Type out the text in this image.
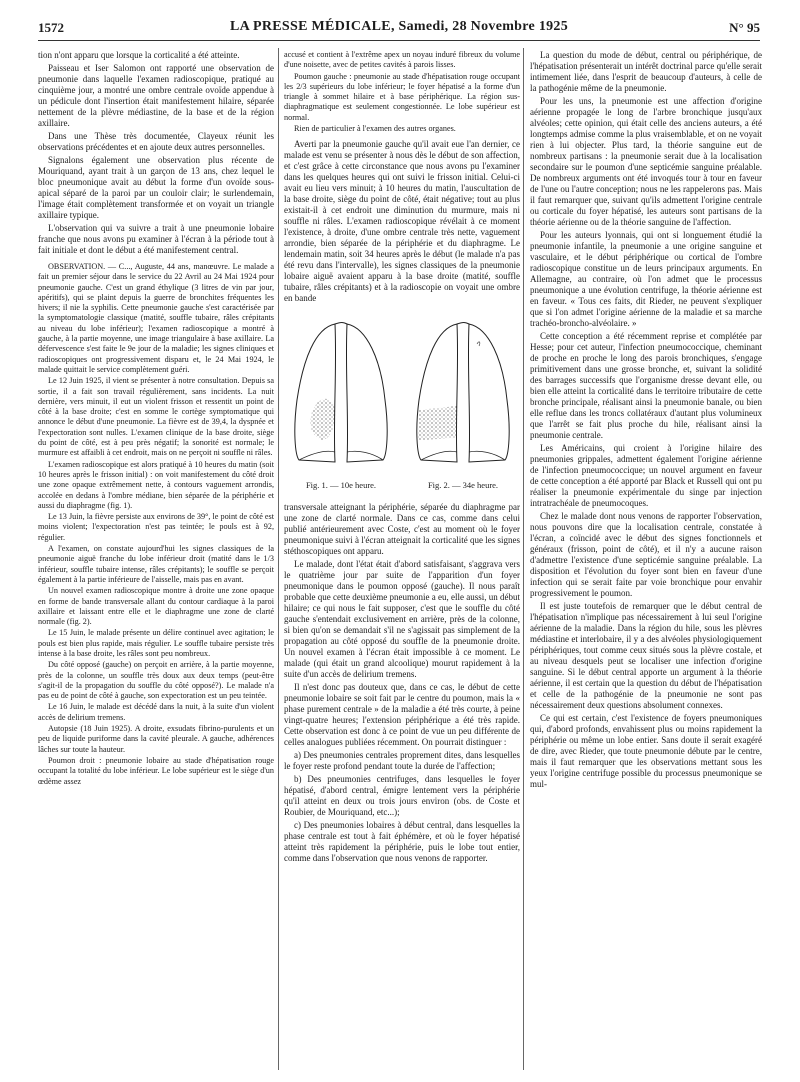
1572	LA PRESSE MÉDICALE, Samedi, 28 Novembre 1925	N° 95

tion n'ont apparu que lorsque la corticalité a été atteinte.

Paisseau et Iser Salomon ont rapporté une observation de pneumonie dans laquelle l'examen radioscopique, pratiqué au cinquième jour, a montré une ombre centrale ovoïde appendue à un pédicule dont l'insertion était manifestement hilaire, séparée nettement de la plèvre médiastine, de la base et de la région axillaire.

Dans une Thèse très documentée, Clayeux réunit les observations précédentes et en ajoute deux autres personnelles.

Signalons également une observation plus récente de Mouriquand, ayant trait à un garçon de 13 ans, chez lequel le bloc pneumonique avait au début la forme d'un ovoïde sous-apical séparé de la paroi par un couloir clair; le surlendemain, l'image était complètement transformée et on voyait un triangle axillaire typique.

L'observation qui va suivre a trait à une pneumonie lobaire franche que nous avons pu examiner à l'écran à la période tout à fait initiale et dont le début a été manifestement central.

OBSERVATION. — C..., Auguste, 44 ans, manœuvre. Le malade a fait un premier séjour dans le service du 22 Avril au 24 Mai 1924 pour pneumonie gauche. C'est un grand éthylique (3 litres de vin par jour, apéritifs), qui se plaint depuis la guerre de bronchites fréquentes les hivers; il nie la syphilis. Cette pneumonie gauche s'est caractérisée par la symptomatologie classique (matité, souffle tubaire, râles crépitants au niveau du lobe inférieur); l'examen radioscopique a montré à gauche, à la partie moyenne, une image triangulaire à base axillaire. La défervescence s'est faite le 9e jour de la maladie; les signes cliniques et radioscopiques ont progressivement disparu et, le 24 Mai 1924, le malade quittait le service complètement guéri.

Le 12 Juin 1925, il vient se présenter à notre consultation. Depuis sa sortie, il a fait son travail régulièrement, sans incidents. La nuit dernière, vers minuit, il eut un violent frisson et ressentit un point de côté à la base droite; c'est en somme le cortège symptomatique qui annonce le début d'une pneumonie. La fièvre est de 39,4, la dyspnée et l'expectoration sont nulles. L'examen clinique de la base droite, siège du point de côté, est à peu près négatif; la sonorité est normale; le murmure est affaibli à cet endroit, mais on ne perçoit ni souffle ni râles.

L'examen radioscopique est alors pratiqué à 10 heures du matin (soit 10 heures après le frisson initial) : on voit manifestement du côté droit une zone opaque extrêmement nette, à contours vaguement arrondis, accolée en dedans à l'ombre médiane, bien séparée de la périphérie et aussi du diaphragme (fig. 1).

Le 13 Juin, la fièvre persiste aux environs de 39°, le point de côté est moins violent; l'expectoration n'est pas teintée; le pouls est à 92, régulier.

A l'examen, on constate aujourd'hui les signes classiques de la pneumonie aiguë franche du lobe inférieur droit (matité dans le 1/3 inférieur, souffle tubaire intense, râles crépitants); le souffle se perçoit également à la partie inférieure de l'aisselle, mais pas en avant.

Un nouvel examen radioscopique montre à droite une zone opaque en forme de bande transversale allant du contour cardiaque à la paroi axillaire et laissant entre elle et le diaphragme une zone de clarté normale (fig. 2).

Le 15 Juin, le malade présente un délire continuel avec agitation; le pouls est bien plus rapide, mais régulier. Le souffle tubaire persiste très intense à la base droite, les râles sont peu nombreux.

Du côté opposé (gauche) on perçoit en arrière, à la partie moyenne, près de la colonne, un souffle très doux aux deux temps (peut-être s'agit-il de la propagation du souffle du côté opposé?). Le malade n'a pas eu de point de côté à gauche, son expectoration est un peu teintée.

Le 16 Juin, le malade est décédé dans la nuit, à la suite d'un violent accès de delirium tremens.

Autopsie (18 Juin 1925). A droite, exsudats fibrino-purulents et un peu de liquide puriforme dans la cavité pleurale. A gauche, adhérences lâches sur toute la hauteur.

Poumon droit : pneumonie lobaire au stade d'hépatisation rouge occupant la totalité du lobe inférieur. Le lobe supérieur est le siège d'un œdème assez

accusé et contient à l'extrême apex un noyau induré fibreux du volume d'une noisette, avec de petites cavités à parois lisses.

Poumon gauche : pneumonie au stade d'hépatisation rouge occupant les 2/3 supérieurs du lobe inférieur; le foyer hépatisé a la forme d'un triangle à sommet hilaire et à base périphérique. La région sus-diaphragmatique est seulement congestionnée. Le lobe supérieur est normal.

Rien de particulier à l'examen des autres organes.

Averti par la pneumonie gauche qu'il avait eue l'an dernier, ce malade est venu se présenter à nous dès le début de son affection, et c'est grâce à cette circonstance que nous avons pu l'examiner dans les quelques heures qui ont suivi le frisson initial. Celui-ci avait eu lieu vers minuit; à 10 heures du matin, l'auscultation de la base droite, siège du point de côté, était négative; tout au plus existait-il à cet endroit une diminution du murmure, mais ni souffle ni râles. L'examen radioscopique révélait à ce moment l'existence, à droite, d'une ombre centrale très nette, vaguement arrondie, bien séparée de la périphérie et du diaphragme. Le lendemain matin, soit 34 heures après le début (le malade n'a pas été revu dans l'intervalle), les signes classiques de la pneumonie lobaire aiguë avaient apparu à la base droite (matité, souffle tubaire, râles crépitants) et à la radioscopie on voyait une ombre en bande

Fig. 1. — 10e heure.	Fig. 2. — 34e heure.

transversale atteignant la périphérie, séparée du diaphragme par une zone de clarté normale. Dans ce cas, comme dans celui publié antérieurement avec Coste, c'est au moment où le foyer pneumonique suivi à l'écran atteignait la corticalité que les signes stéthoscopiques ont apparu.

Le malade, dont l'état était d'abord satisfaisant, s'aggrava vers le quatrième jour par suite de l'apparition d'un foyer pneumonique dans le poumon opposé (gauche). Il nous paraît probable que cette deuxième pneumonie a eu, elle aussi, un début hilaire; ce qui nous le fait supposer, c'est que le souffle du côté gauche s'entendait exclusivement en arrière, près de la colonne, si bien qu'on se demandait s'il ne s'agissait pas simplement de la propagation au côté opposé du souffle de la pneumonie droite. Un nouvel examen à l'écran était impossible à ce moment. Le malade (qui était un grand alcoolique) mourut rapidement à la suite d'un accès de delirium tremens.

Il n'est donc pas douteux que, dans ce cas, le début de cette pneumonie lobaire se soit fait par le centre du poumon, mais la « phase purement centrale » de la maladie a été très courte, à peine vingt-quatre heures; l'extension périphérique a été très rapide. Cette observation est donc à ce point de vue un peu différente de celles analogues publiées récemment. On pourrait distinguer :

a) Des pneumonies centrales proprement dites, dans lesquelles le foyer reste profond pendant toute la durée de l'affection;

b) Des pneumonies centrifuges, dans lesquelles le foyer hépatisé, d'abord central, émigre lentement vers la périphérie qu'il atteint en deux ou trois jours environ (obs. de Coste et Roubier, de Mouriquand, etc...);

c) Des pneumonies lobaires à début central, dans lesquelles la phase centrale est tout à fait éphémère, et où le foyer hépatisé atteint très rapidement la périphérie, puis le lobe tout entier, comme dans l'observation que nous venons de rapporter.

La question du mode de début, central ou périphérique, de l'hépatisation présenterait un intérêt doctrinal parce qu'elle serait intimement liée, dans l'esprit de beaucoup d'auteurs, à celle de la pathogénie même de la pneumonie.

Pour les uns, la pneumonie est une affection d'origine aérienne propagée le long de l'arbre bronchique jusqu'aux alvéoles; cette opinion, qui était celle des anciens auteurs, a été longtemps admise comme la plus vraisemblable, et on ne voyait rien à lui objecter. Plus tard, la théorie sanguine eut de nombreux partisans : la pneumonie serait due à la localisation secondaire sur le poumon d'une septicémie sanguine préalable. De nombreux arguments ont été invoqués tour à tour en faveur de l'une ou l'autre conception; nous ne les rappelerons pas. Mais il faut remarquer que, suivant qu'ils admettent l'origine centrale ou corticale du foyer hépatisé, les auteurs sont partisans de la théorie aérienne ou de la théorie sanguine de l'affection.

Pour les auteurs lyonnais, qui ont si longuement étudié la pneumonie infantile, la pneumonie a une origine sanguine et vasculaire, et le début périphérique ou cortical de l'ombre radioscopique constitue un de leurs principaux arguments. En Allemagne, au contraire, où l'on admet que le processus pneumonique a une évolution centrifuge, la théorie aérienne est en faveur. « Tous ces faits, dit Rieder, ne peuvent s'expliquer que si l'on admet l'origine aérienne de la maladie et sa marche trachéo-broncho-alvéolaire. »

Cette conception a été récemment reprise et complétée par Hesse; pour cet auteur, l'infection pneumococcique, cheminant de proche en proche le long des parois bronchiques, s'engage primitivement dans une grosse bronche, et, suivant la solidité des barrages successifs que l'organisme dresse devant elle, ou bien elle atteint la corticalité dans le territoire tributaire de cette bronche principale, réalisant ainsi la pneumonie banale, ou bien elle reflue dans les troncs collatéraux d'autant plus volumineux que l'arrêt se fait plus proche du hile, réalisant ainsi la pneumonie centrale.

Les Américains, qui croient à l'origine hilaire des pneumonies grippales, admettent également l'origine aérienne de l'infection pneumococcique; un nouvel argument en faveur de cette conception a été apporté par Black et Russell qui ont pu réaliser la pneumonie expérimentale du singe par injection intratrachéale de pneumocoques.

Chez le malade dont nous venons de rapporter l'observation, nous pouvons dire que la localisation centrale, constatée à l'écran, a coïncidé avec le début des signes fonctionnels et généraux (frisson, point de côté), et il n'y a aucune raison d'admettre l'existence d'une septicémie sanguine préalable. La disposition et l'évolution du foyer sont bien en faveur d'une infection qui se serait faite par voie bronchique pour envahir progressivement le poumon.

Il est juste toutefois de remarquer que le début central de l'hépatisation n'implique pas nécessairement à lui seul l'origine aérienne de la maladie. Dans la région du hile, sous les plèvres médiastine et interlobaire, il y a des alvéoles physiologiquement périphériques, tout comme ceux situés sous la plèvre costale, et au niveau desquels peut se localiser une infection d'origine sanguine. Si le début central apporte un argument à la théorie aérienne, il est certain que la question du début de l'hépatisation et celle de la pathogénie de la pneumonie ne sont pas nécessairement deux questions absolument connexes.

Ce qui est certain, c'est l'existence de foyers pneumoniques qui, d'abord profonds, envahissent plus ou moins rapidement la périphérie ou même un lobe entier. Sans doute il serait exagéré de dire, avec Rieder, que toute pneumonie débute par le centre, mais il faut remarquer que les observations mettant sous les yeux l'origine centrifuge possible du processus pneumonique se mul-
